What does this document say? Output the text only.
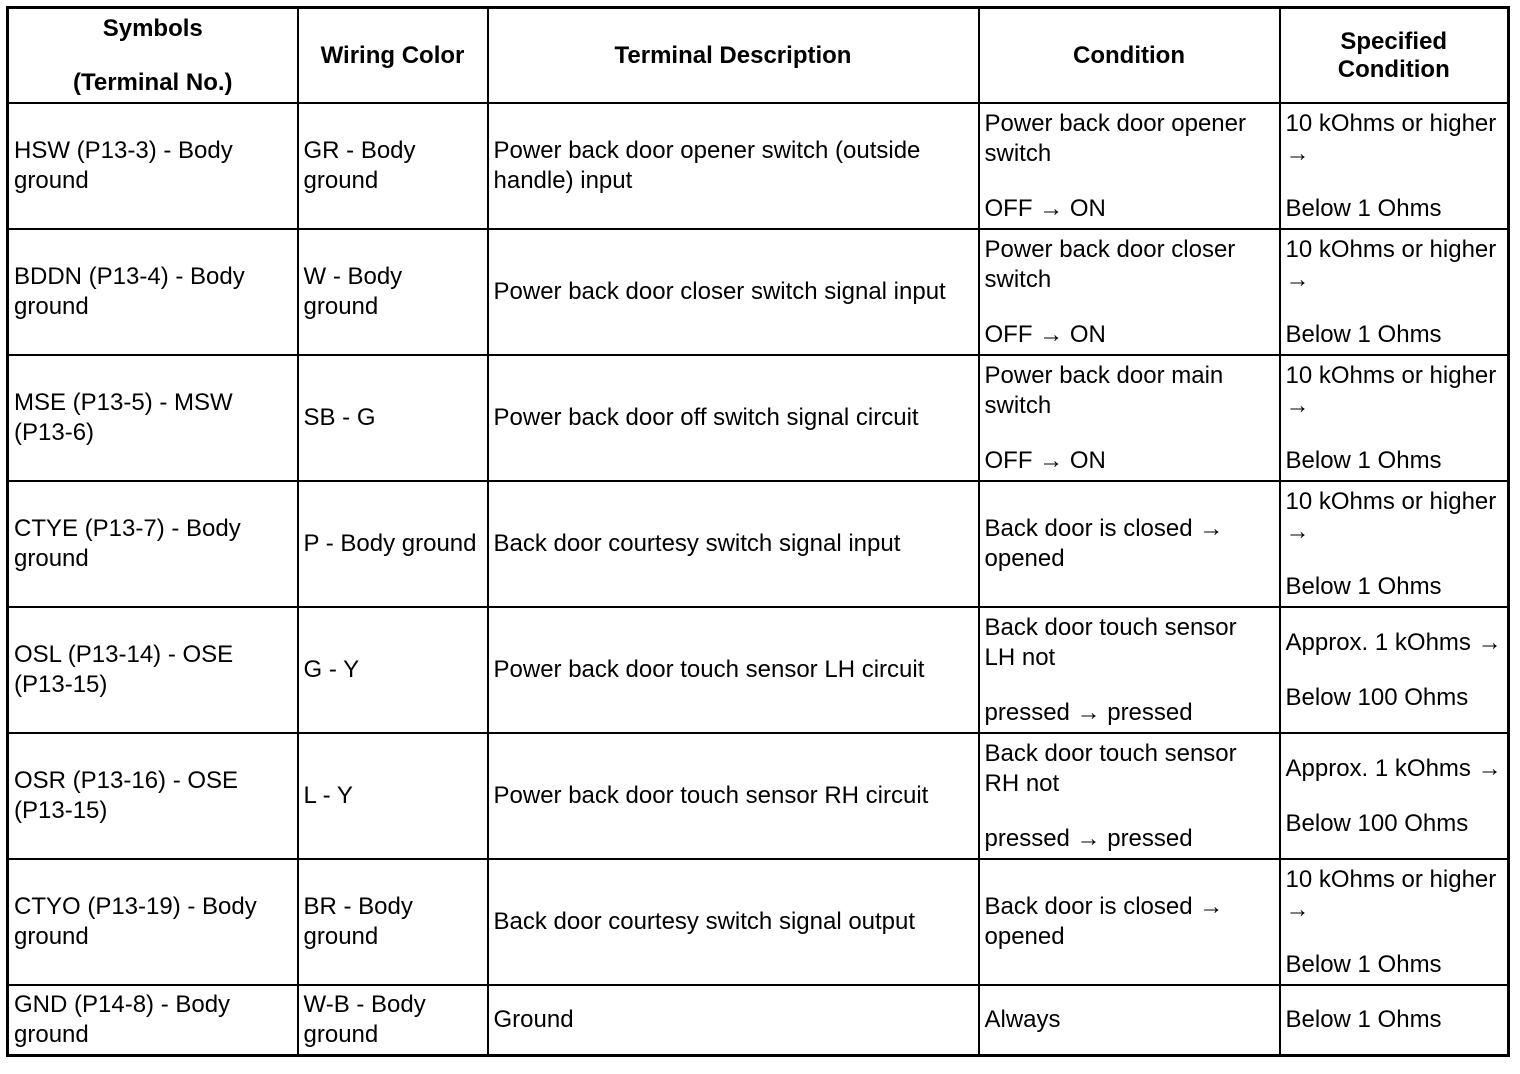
Symbols
(Terminal No.)	Wiring Color	Terminal Description	Condition	Specified
Condition

HSW (P13-3) - Body ground	GR - Body ground	Power back door opener switch (outside handle) input	Power back door opener switch
OFF → ON	10 kOhms or higher →
Below 1 Ohms

BDDN (P13-4) - Body ground	W - Body ground	Power back door closer switch signal input	Power back door closer switch
OFF → ON	10 kOhms or higher →
Below 1 Ohms

MSE (P13-5) - MSW (P13-6)	SB - G	Power back door off switch signal circuit	Power back door main switch
OFF → ON	10 kOhms or higher →
Below 1 Ohms

CTYE (P13-7) - Body ground	P - Body ground	Back door courtesy switch signal input	Back door is closed → opened	10 kOhms or higher →
Below 1 Ohms

OSL (P13-14) - OSE (P13-15)	G - Y	Power back door touch sensor LH circuit	Back door touch sensor LH not
pressed → pressed	Approx. 1 kOhms →
Below 100 Ohms

OSR (P13-16) - OSE (P13-15)	L - Y	Power back door touch sensor RH circuit	Back door touch sensor RH not
pressed → pressed	Approx. 1 kOhms →
Below 100 Ohms

CTYO (P13-19) - Body ground	BR - Body ground	Back door courtesy switch signal output	Back door is closed → opened	10 kOhms or higher →
Below 1 Ohms

GND (P14-8) - Body ground	W-B - Body ground	Ground	Always	Below 1 Ohms
